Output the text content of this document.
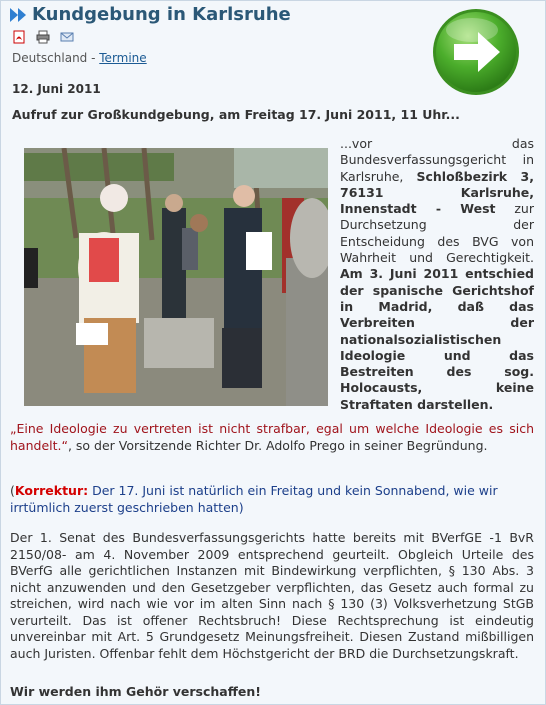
Kundgebung in Karlsruhe
Deutschland - Termine
12. Juni 2011
Aufruf zur Großkundgebung, am Freitag 17. Juni 2011, 11 Uhr...
...vor das Bundesverfassungsgericht in Karlsruhe, Schloßbezirk 3, 76131 Karlsruhe, Innenstadt - West zur Durchsetzung der Entscheidung des BVG von Wahrheit und Gerechtigkeit. Am 3. Juni 2011 entschied der spanische Gerichtshof in Madrid, daß das Verbreiten der nationalsozialistischen Ideologie und das Bestreiten des sog. Holocausts, keine Straftaten darstellen.
„Eine Ideologie zu vertreten ist nicht strafbar, egal um welche Ideologie es sich handelt.“, so der Vorsitzende Richter Dr. Adolfo Prego in seiner Begründung.
(Korrektur: Der 17. Juni ist natürlich ein Freitag und kein Sonnabend, wie wir irrtümlich zuerst geschrieben hatten)
Der 1. Senat des Bundesverfassungsgerichts hatte bereits mit BVerfGE -1 BvR 2150/08- am 4. November 2009 entsprechend geurteilt. Obgleich Urteile des BVerfG alle gerichtlichen Instanzen mit Bindewirkung verpflichten, § 130 Abs. 3 nicht anzuwenden und den Gesetzgeber verpflichten, das Gesetz auch formal zu streichen, wird nach wie vor im alten Sinn nach § 130 (3) Volksverhetzung StGB verurteilt. Das ist offener Rechtsbruch! Diese Rechtsprechung ist eindeutig unvereinbar mit Art. 5 Grundgesetz Meinungsfreiheit. Diesen Zustand mißbilligen auch Juristen. Offenbar fehlt dem Höchstgericht der BRD die Durchsetzungskraft.
Wir werden ihm Gehör verschaffen!
